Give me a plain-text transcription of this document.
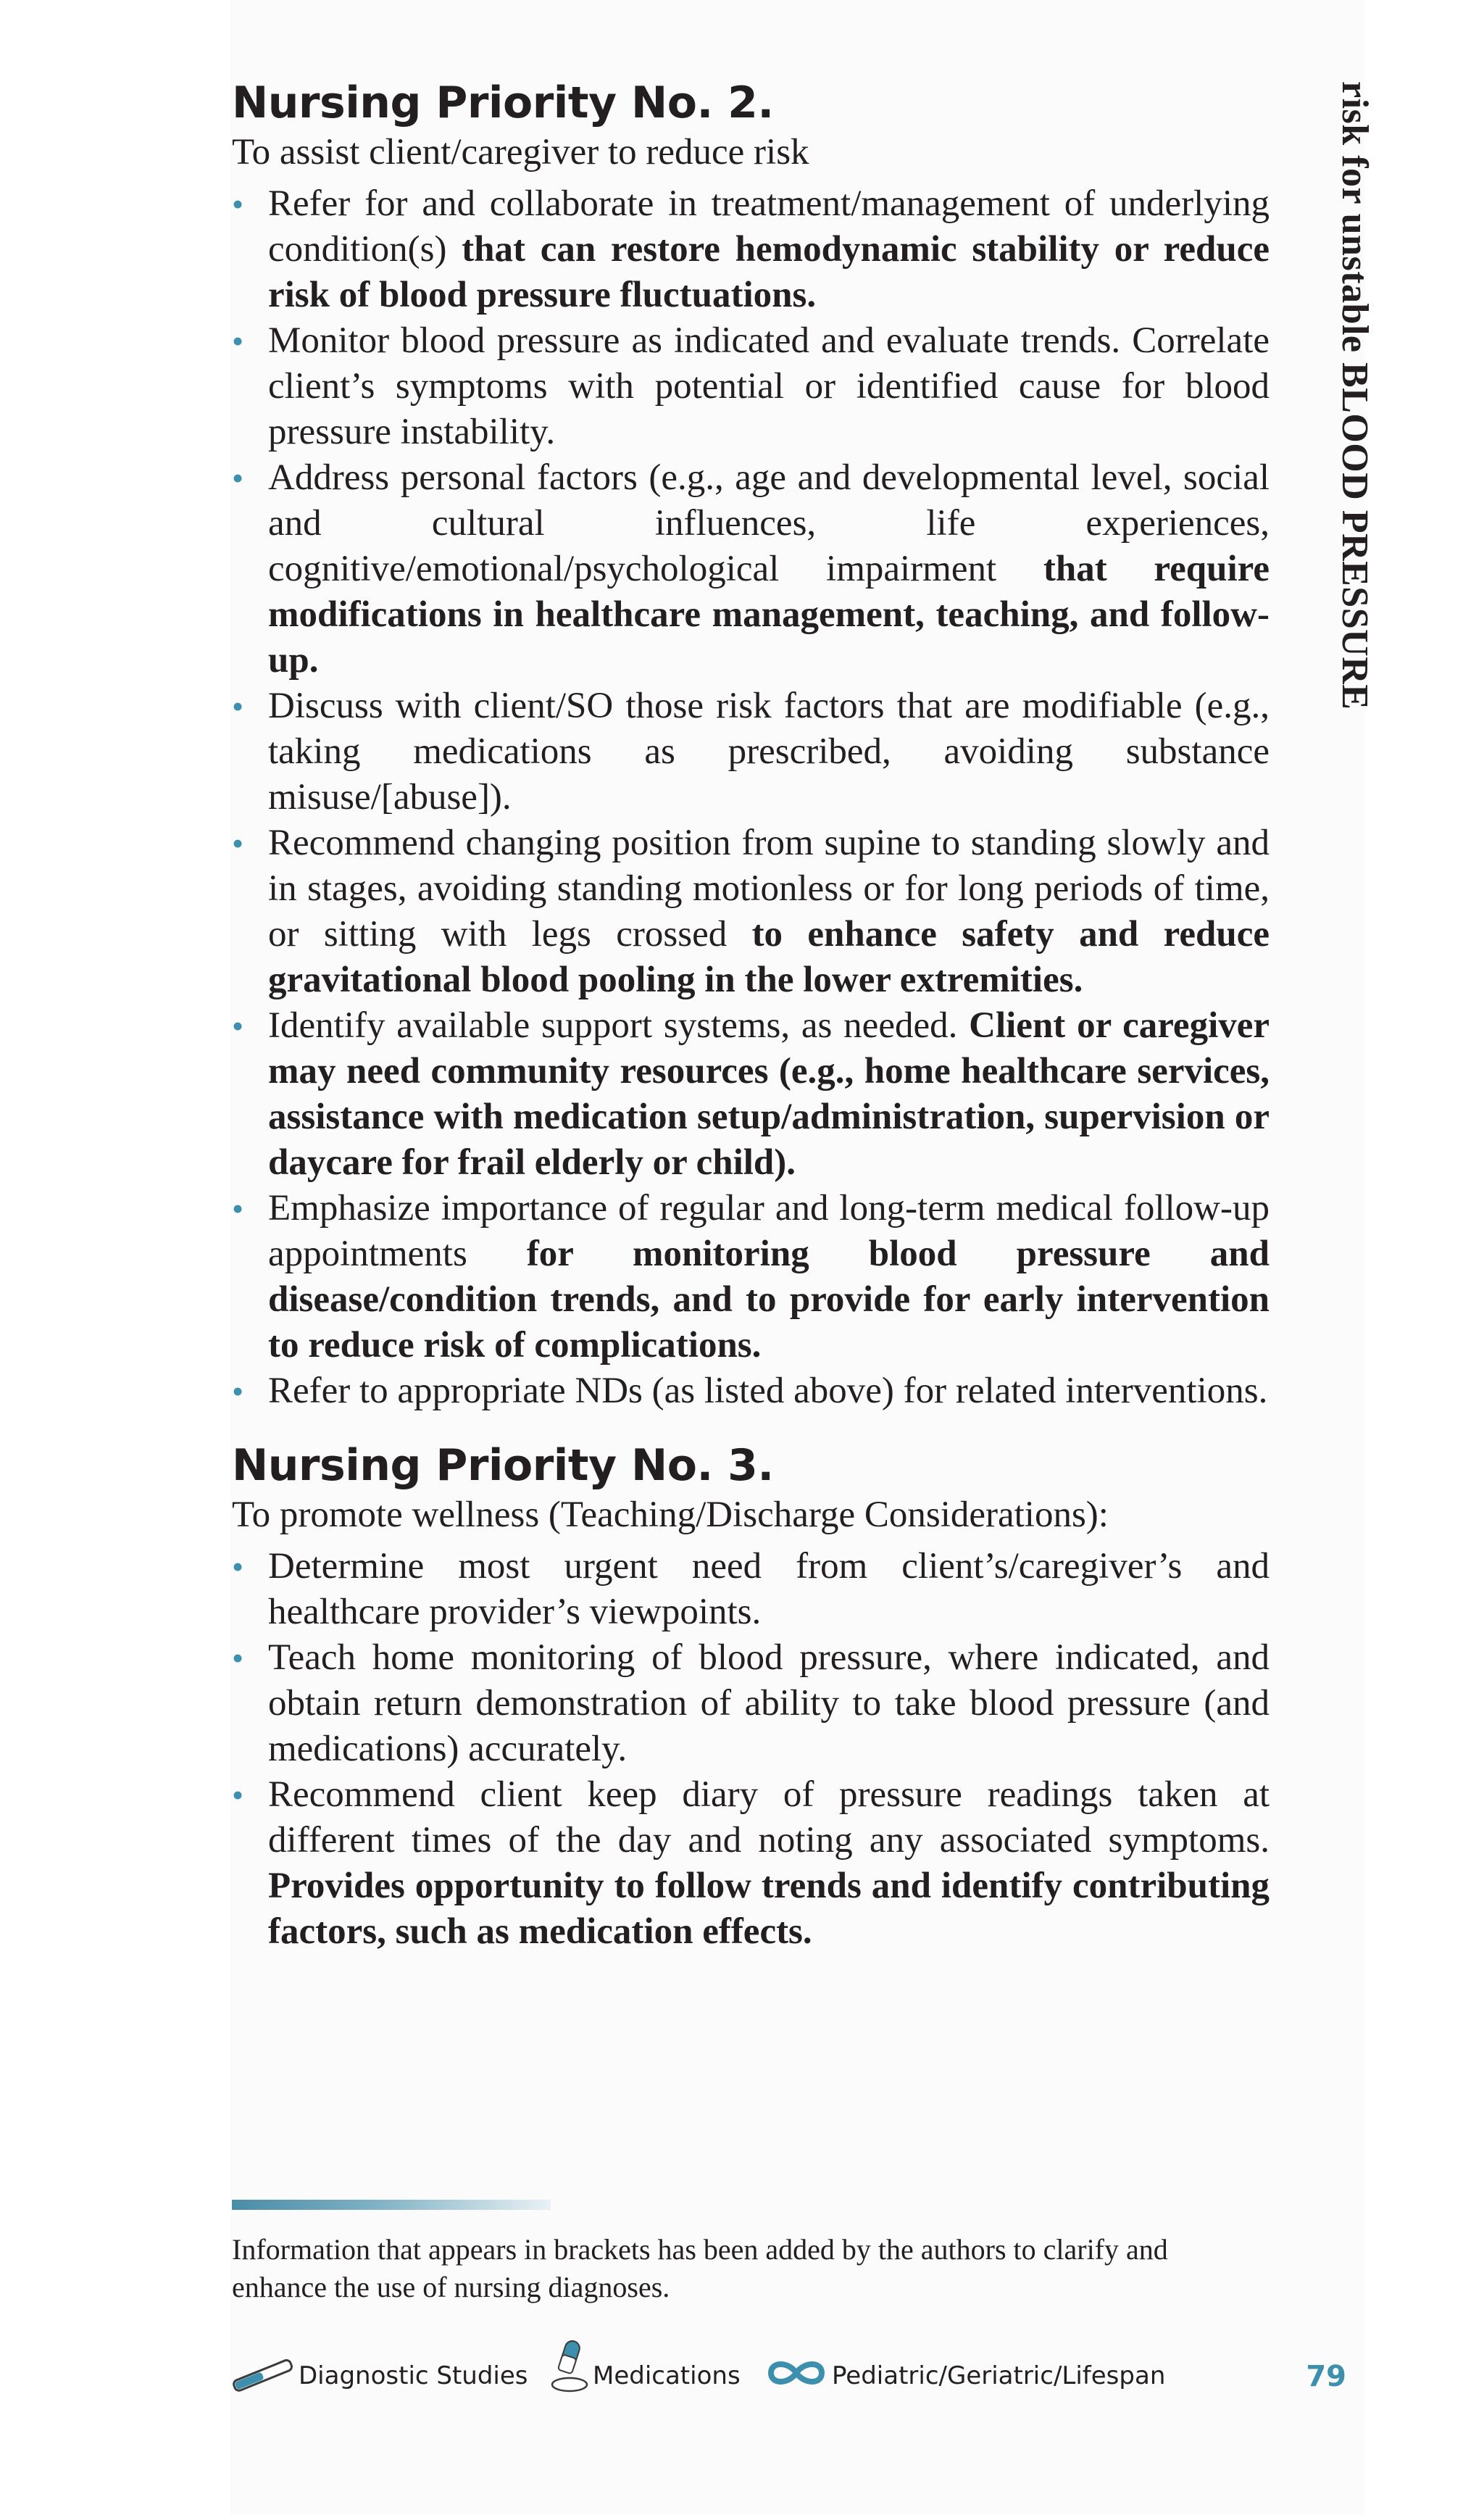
risk for unstable BLOOD PRESSURE
Nursing Priority No. 2.

To assist client/caregiver to reduce risk

• Refer for and collaborate in treatment/management of underlying condition(s) that can restore hemodynamic stability or reduce risk of blood pressure fluctuations.
• Monitor blood pressure as indicated and evaluate trends. Correlate client’s symptoms with potential or identified cause for blood pressure instability.
• Address personal factors (e.g., age and developmental level, social and cultural influences, life experiences, cognitive/emotional/psychological impairment that require modifications in healthcare management, teaching, and follow-up.
• Discuss with client/SO those risk factors that are modifiable (e.g., taking medications as prescribed, avoiding substance misuse/[abuse]).
• Recommend changing position from supine to standing slowly and in stages, avoiding standing motionless or for long periods of time, or sitting with legs crossed to enhance safety and reduce gravitational blood pooling in the lower extremities.
• Identify available support systems, as needed. Client or caregiver may need community resources (e.g., home healthcare services, assistance with medication setup/administration, supervision or daycare for frail elderly or child).
• Emphasize importance of regular and long-term medical follow-up appointments for monitoring blood pressure and disease/condition trends, and to provide for early intervention to reduce risk of complications.
• Refer to appropriate NDs (as listed above) for related interventions.
Nursing Priority No. 3.

To promote wellness (Teaching/Discharge Considerations):

• Determine most urgent need from client’s/caregiver’s and healthcare provider’s viewpoints.
• Teach home monitoring of blood pressure, where indicated, and obtain return demonstration of ability to take blood pressure (and medications) accurately.
• Recommend client keep diary of pressure readings taken at different times of the day and noting any associated symptoms. Provides opportunity to follow trends and identify contributing factors, such as medication effects.
Information that appears in brackets has been added by the authors to clarify and enhance the use of nursing diagnoses.
Diagnostic Studies	Medications	Pediatric/Geriatric/Lifespan	79
